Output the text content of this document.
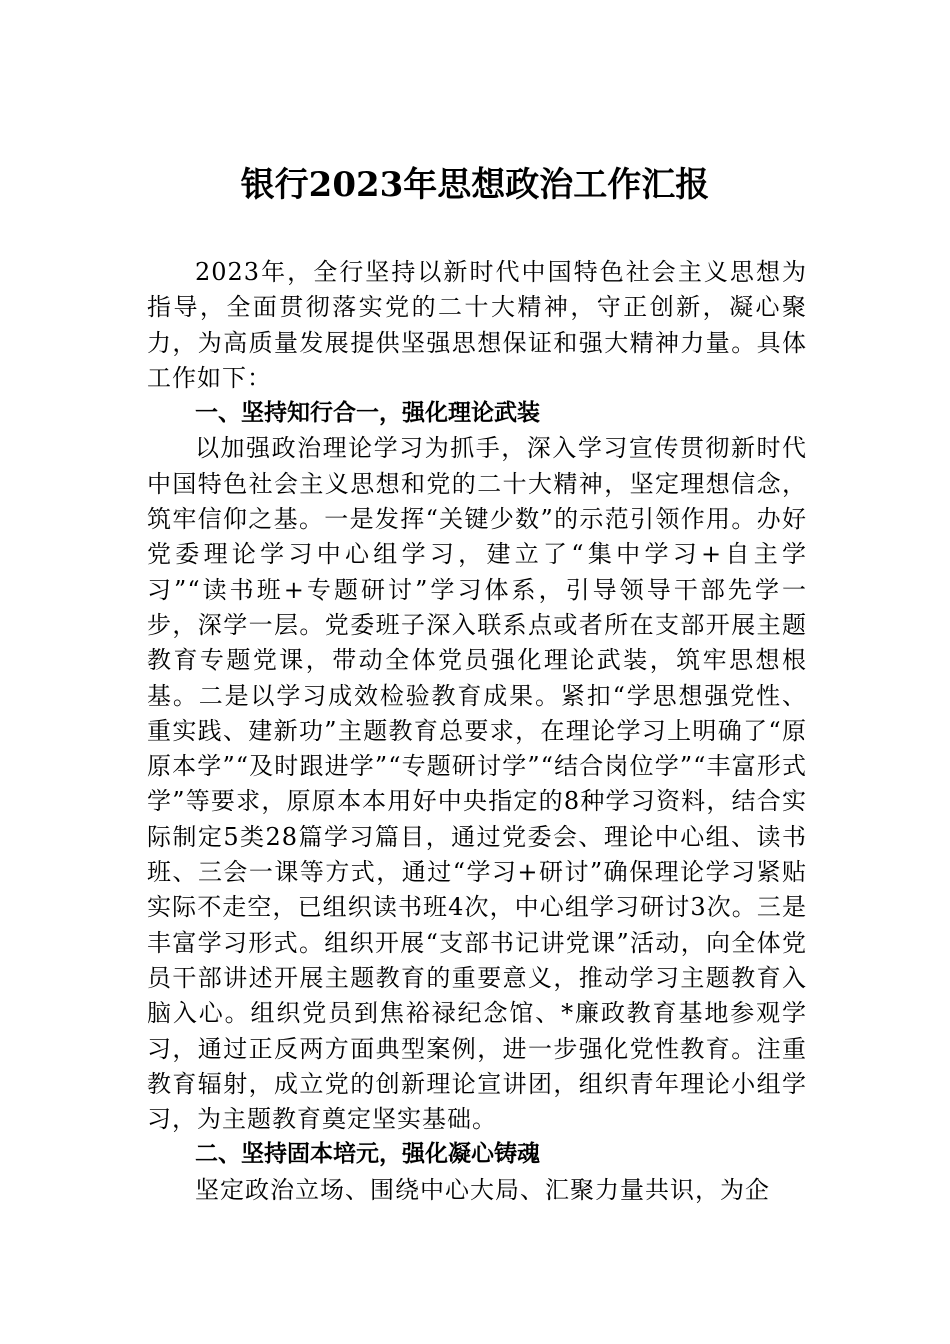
银行2023年思想政治工作汇报

2023年，全行坚持以新时代中国特色社会主义思想为指导，全面贯彻落实党的二十大精神，守正创新，凝心聚力，为高质量发展提供坚强思想保证和强大精神力量。具体工作如下：

一、坚持知行合一，强化理论武装

以加强政治理论学习为抓手，深入学习宣传贯彻新时代中国特色社会主义思想和党的二十大精神，坚定理想信念，筑牢信仰之基。一是发挥“关键少数”的示范引领作用。办好党委理论学习中心组学习，建立了“集中学习+自主学习”“读书班+专题研讨”学习体系，引导领导干部先学一步，深学一层。党委班子深入联系点或者所在支部开展主题教育专题党课，带动全体党员强化理论武装，筑牢思想根基。二是以学习成效检验教育成果。紧扣“学思想强党性、重实践、建新功”主题教育总要求，在理论学习上明确了“原原本学”“及时跟进学”“专题研讨学”“结合岗位学”“丰富形式学”等要求，原原本本用好中央指定的8种学习资料，结合实际制定5类28篇学习篇目，通过党委会、理论中心组、读书班、三会一课等方式，通过“学习+研讨”确保理论学习紧贴实际不走空，已组织读书班4次，中心组学习研讨3次。三是丰富学习形式。组织开展“支部书记讲党课”活动，向全体党员干部讲述开展主题教育的重要意义，推动学习主题教育入脑入心。组织党员到焦裕禄纪念馆、*廉政教育基地参观学习，通过正反两方面典型案例，进一步强化党性教育。注重教育辐射，成立党的创新理论宣讲团，组织青年理论小组学习，为主题教育奠定坚实基础。

二、坚持固本培元，强化凝心铸魂

坚定政治立场、围绕中心大局、汇聚力量共识，为企
